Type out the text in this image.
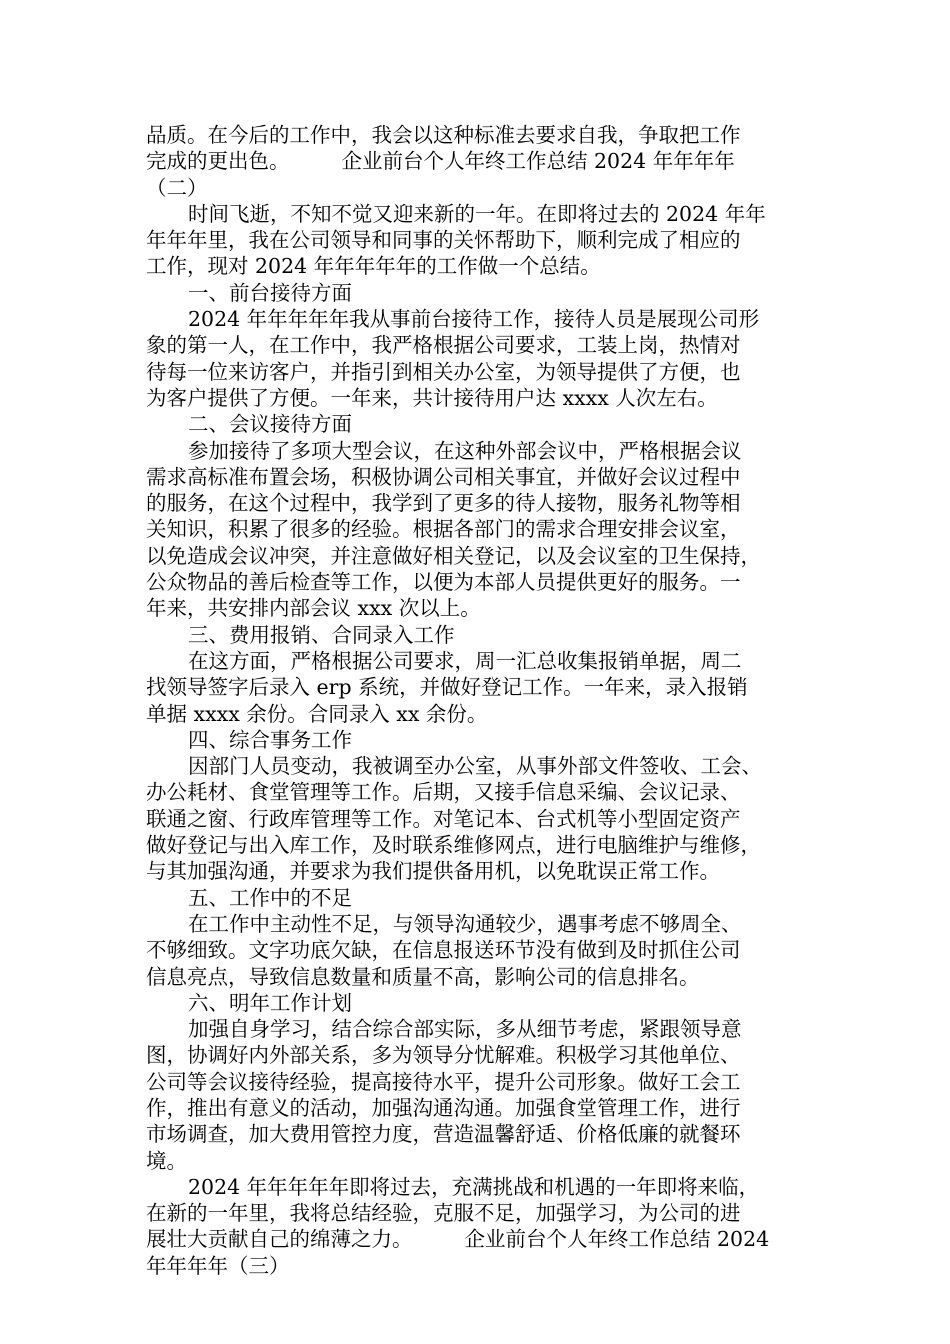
品质。在今后的工作中，我会以这种标准去要求自我，争取把工作
完成的更出色。	企业前台个人年终工作总结 2024 年年年年
（二）
时间飞逝，不知不觉又迎来新的一年。在即将过去的 2024 年年
年年年里，我在公司领导和同事的关怀帮助下，顺利完成了相应的
工作，现对 2024 年年年年年的工作做一个总结。
一、前台接待方面
2024 年年年年年我从事前台接待工作，接待人员是展现公司形
象的第一人，在工作中，我严格根据公司要求，工装上岗，热情对
待每一位来访客户，并指引到相关办公室，为领导提供了方便，也
为客户提供了方便。一年来，共计接待用户达 xxxx 人次左右。
二、会议接待方面
参加接待了多项大型会议，在这种外部会议中，严格根据会议
需求高标准布置会场，积极协调公司相关事宜，并做好会议过程中
的服务，在这个过程中，我学到了更多的待人接物，服务礼物等相
关知识，积累了很多的经验。根据各部门的需求合理安排会议室，
以免造成会议冲突，并注意做好相关登记，以及会议室的卫生保持，
公众物品的善后检查等工作，以便为本部人员提供更好的服务。一
年来，共安排内部会议 xxx 次以上。
三、费用报销、合同录入工作
在这方面，严格根据公司要求，周一汇总收集报销单据，周二
找领导签字后录入 erp 系统，并做好登记工作。一年来，录入报销
单据 xxxx 余份。合同录入 xx 余份。
四、综合事务工作
因部门人员变动，我被调至办公室，从事外部文件签收、工会、
办公耗材、食堂管理等工作。后期，又接手信息采编、会议记录、
联通之窗、行政库管理等工作。对笔记本、台式机等小型固定资产
做好登记与出入库工作，及时联系维修网点，进行电脑维护与维修，
与其加强沟通，并要求为我们提供备用机，以免耽误正常工作。
五、工作中的不足
在工作中主动性不足，与领导沟通较少，遇事考虑不够周全、
不够细致。文字功底欠缺，在信息报送环节没有做到及时抓住公司
信息亮点，导致信息数量和质量不高，影响公司的信息排名。
六、明年工作计划
加强自身学习，结合综合部实际，多从细节考虑，紧跟领导意
图，协调好内外部关系，多为领导分忧解难。积极学习其他单位、
公司等会议接待经验，提高接待水平，提升公司形象。做好工会工
作，推出有意义的活动，加强沟通沟通。加强食堂管理工作，进行
市场调查，加大费用管控力度，营造温馨舒适、价格低廉的就餐环
境。
2024 年年年年年即将过去，充满挑战和机遇的一年即将来临，
在新的一年里，我将总结经验，克服不足，加强学习，为公司的进
展壮大贡献自己的绵薄之力。	企业前台个人年终工作总结 2024
年年年年（三）
